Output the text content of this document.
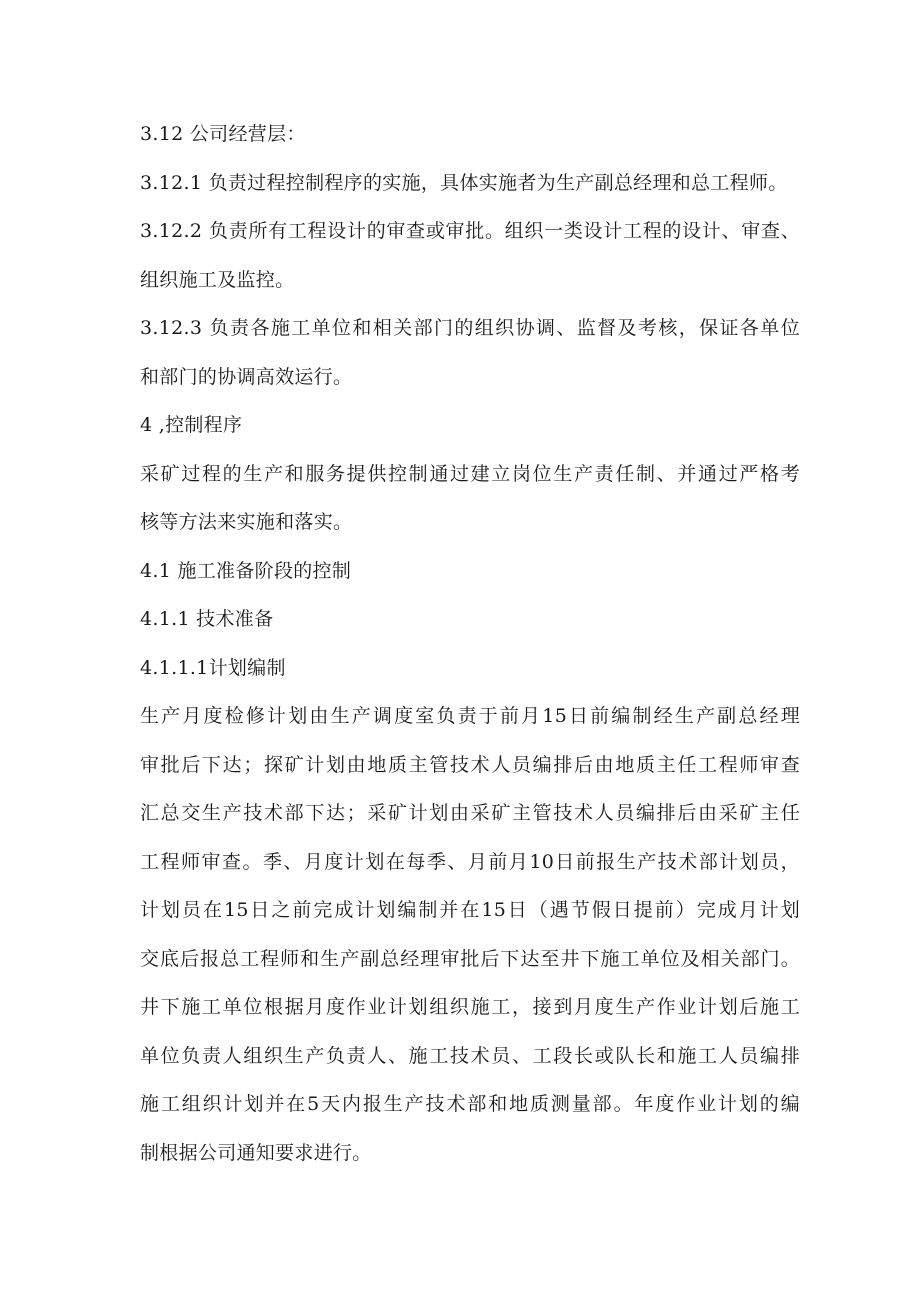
3.12 公司经营层：
3.12.1 负责过程控制程序的实施，具体实施者为生产副总经理和总工程师。
3.12.2 负责所有工程设计的审查或审批。组织一类设计工程的设计、审查、
组织施工及监控。
3.12.3 负责各施工单位和相关部门的组织协调、监督及考核，保证各单位
和部门的协调高效运行。
4 ,控制程序
采矿过程的生产和服务提供控制通过建立岗位生产责任制、并通过严格考
核等方法来实施和落实。
4.1 施工准备阶段的控制
4.1.1 技术准备
4.1.1.1计划编制
生产月度检修计划由生产调度室负责于前月15日前编制经生产副总经理
审批后下达；探矿计划由地质主管技术人员编排后由地质主任工程师审查
汇总交生产技术部下达；采矿计划由采矿主管技术人员编排后由采矿主任
工程师审查。季、月度计划在每季、月前月10日前报生产技术部计划员，
计划员在15日之前完成计划编制并在15日（遇节假日提前）完成月计划
交底后报总工程师和生产副总经理审批后下达至井下施工单位及相关部门。
井下施工单位根据月度作业计划组织施工，接到月度生产作业计划后施工
单位负责人组织生产负责人、施工技术员、工段长或队长和施工人员编排
施工组织计划并在5天内报生产技术部和地质测量部。年度作业计划的编
制根据公司通知要求进行。
